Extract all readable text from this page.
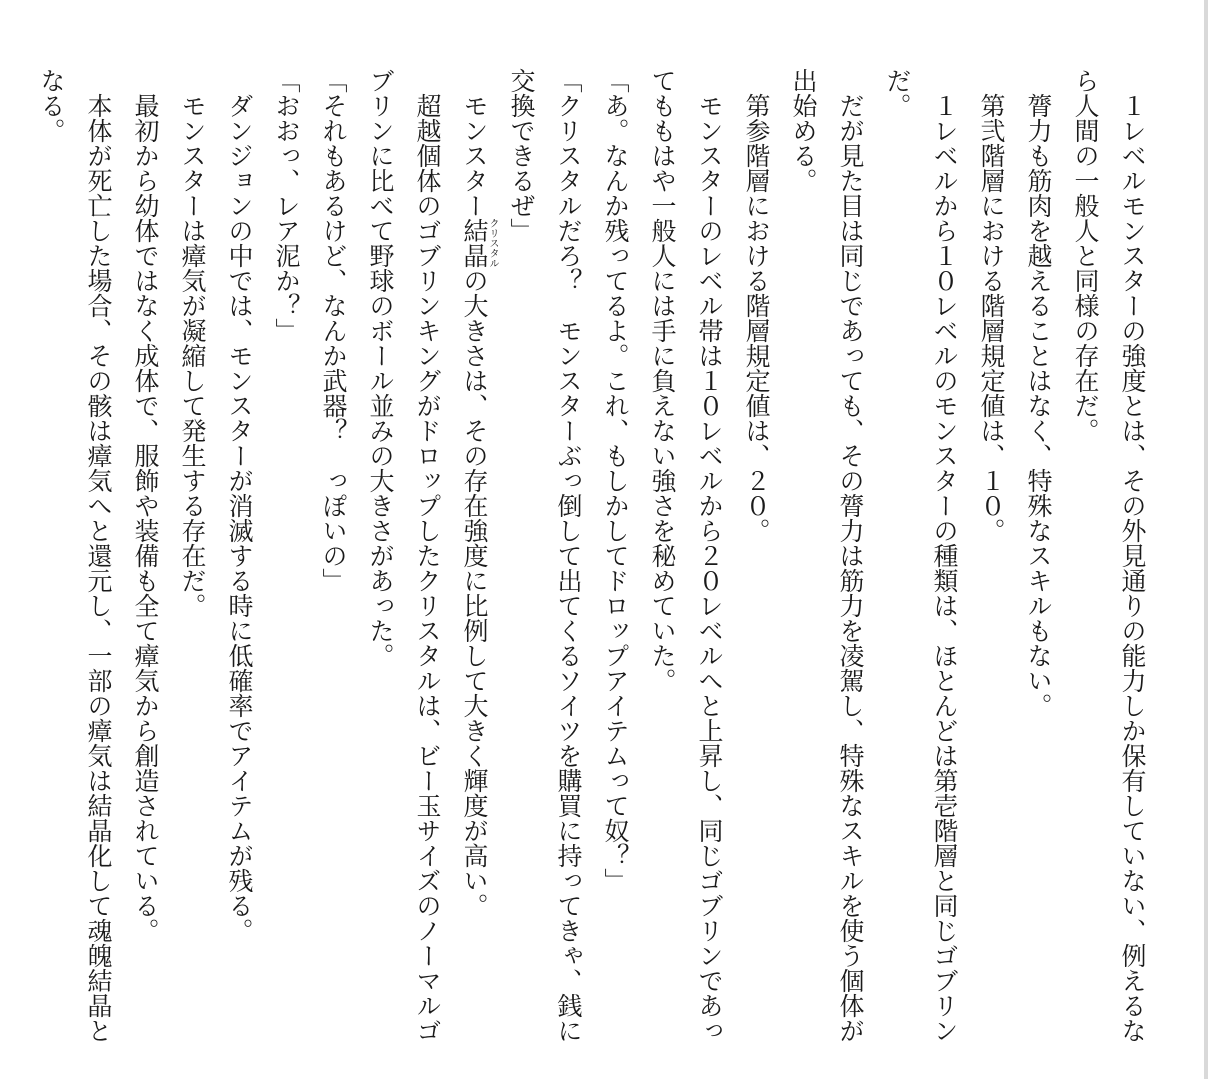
　１レベルモンスターの強度とは、その外見通りの能力しか保有していない、例えるなら人間の一般人と同様の存在だ。

　膂力も筋肉を越えることはなく、特殊なスキルもない。

　第弐階層における階層規定値は、１０。

　１レベルから１０レベルのモンスターの種類は、ほとんどは第壱階層と同じゴブリンだ。

　だが見た目は同じであっても、その膂力は筋力を凌駕し、特殊なスキルを使う個体が出始める。

　第参階層における階層規定値は、２０。

　モンスターのレベル帯は１０レベルから２０レベルへと上昇し、同じゴブリンであってももはや一般人には手に負えない強さを秘めていた。

「あ。なんか残ってるよ。これ、もしかしてドロップアイテムって奴？」

「クリスタルだろ？　モンスターぶっ倒して出てくるソイツを購買に持ってきゃ、銭に交換できるぜ」

　モンスター結晶クリスタルの大きさは、その存在強度に比例して大きく輝度が高い。

　超越個体のゴブリンキングがドロップしたクリスタルは、ビー玉サイズのノーマルゴブリンに比べて野球のボール並みの大きさがあった。

「それもあるけど、なんか武器？　っぽいの」

「おおっ、レア泥か？」

　ダンジョンの中では、モンスターが消滅する時に低確率でアイテムが残る。

　モンスターは瘴気が凝縮して発生する存在だ。

　最初から幼体ではなく成体で、服飾や装備も全て瘴気から創造されている。

　本体が死亡した場合、その骸は瘴気へと還元し、一部の瘴気は結晶化して魂魄結晶となる。
